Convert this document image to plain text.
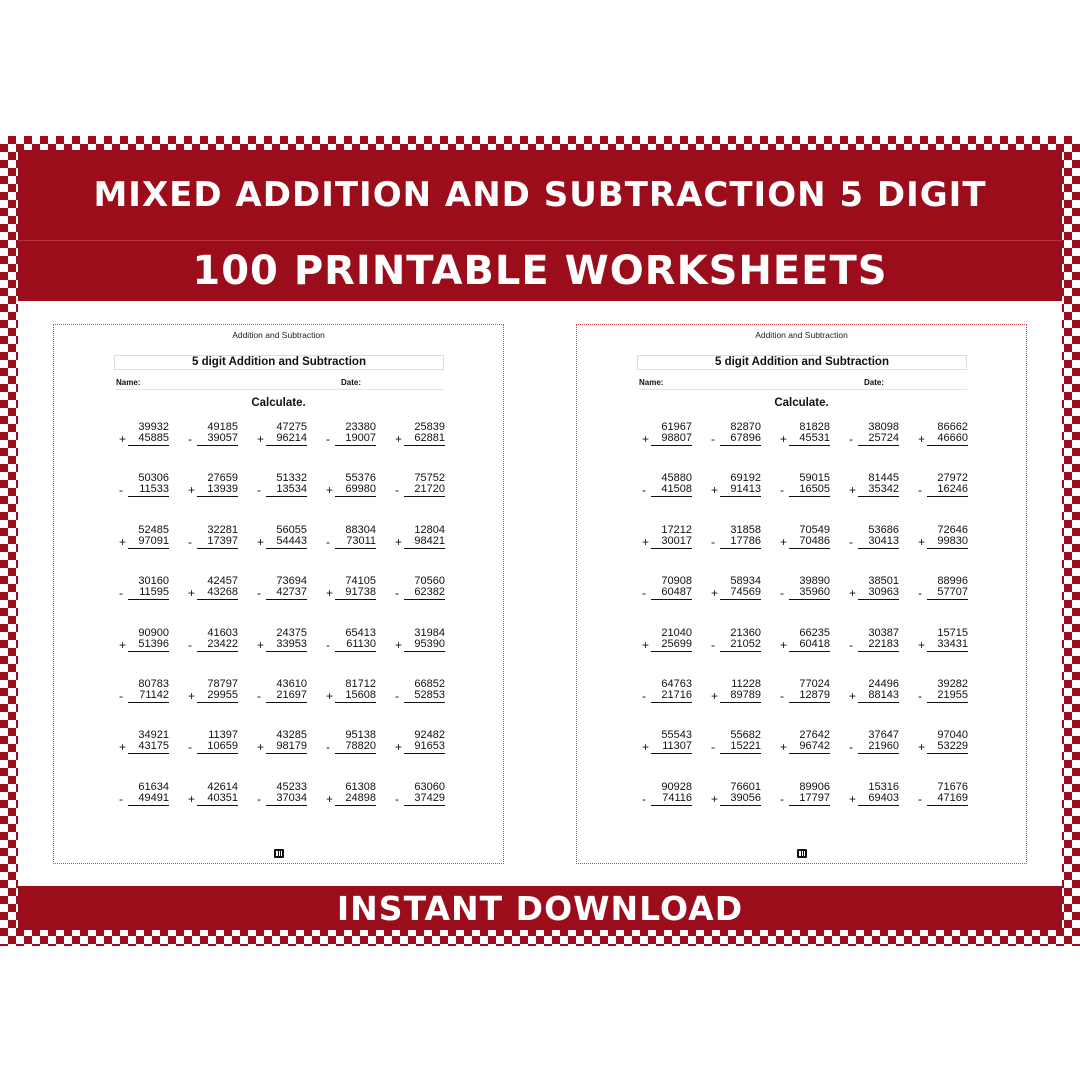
MIXED ADDITION AND SUBTRACTION 5 DIGIT
100 PRINTABLE WORKSHEETS
Addition and Subtraction
5 digit Addition and Subtraction
Name:	Date:
Calculate.
39932
+ 45885
49185
- 39057
47275
+ 96214
23380
- 19007
25839
+ 62881
50306
- 11533
27659
+ 13939
51332
- 13534
55376
+ 69980
75752
- 21720
52485
+ 97091
32281
- 17397
56055
+ 54443
88304
- 73011
12804
+ 98421
30160
- 11595
42457
+ 43268
73694
- 42737
74105
+ 91738
70560
- 62382
90900
+ 51396
41603
- 23422
24375
+ 33953
65413
- 61130
31984
+ 95390
80783
- 71142
78797
+ 29955
43610
- 21697
81712
+ 15608
66852
- 52853
34921
+ 43175
11397
- 10659
43285
+ 98179
95138
- 78820
92482
+ 91653
61634
- 49491
42614
+ 40351
45233
- 37034
61308
+ 24898
63060
- 37429
Addition and Subtraction
5 digit Addition and Subtraction
Name:	Date:
Calculate.
61967
+ 98807
82870
- 67896
81828
+ 45531
38098
- 25724
86662
+ 46660
45880
- 41508
69192
+ 91413
59015
- 16505
81445
+ 35342
27972
- 16246
17212
+ 30017
31858
- 17786
70549
+ 70486
53686
- 30413
72646
+ 99830
70908
- 60487
58934
+ 74569
39890
- 35960
38501
+ 30963
88996
- 57707
21040
+ 25699
21360
- 21052
66235
+ 60418
30387
- 22183
15715
+ 33431
64763
- 21716
11228
+ 89789
77024
- 12879
24496
+ 88143
39282
- 21955
55543
+ 11307
55682
- 15221
27642
+ 96742
37647
- 21960
97040
+ 53229
90928
- 74116
76601
+ 39056
89906
- 17797
15316
+ 69403
71676
- 47169
INSTANT DOWNLOAD
